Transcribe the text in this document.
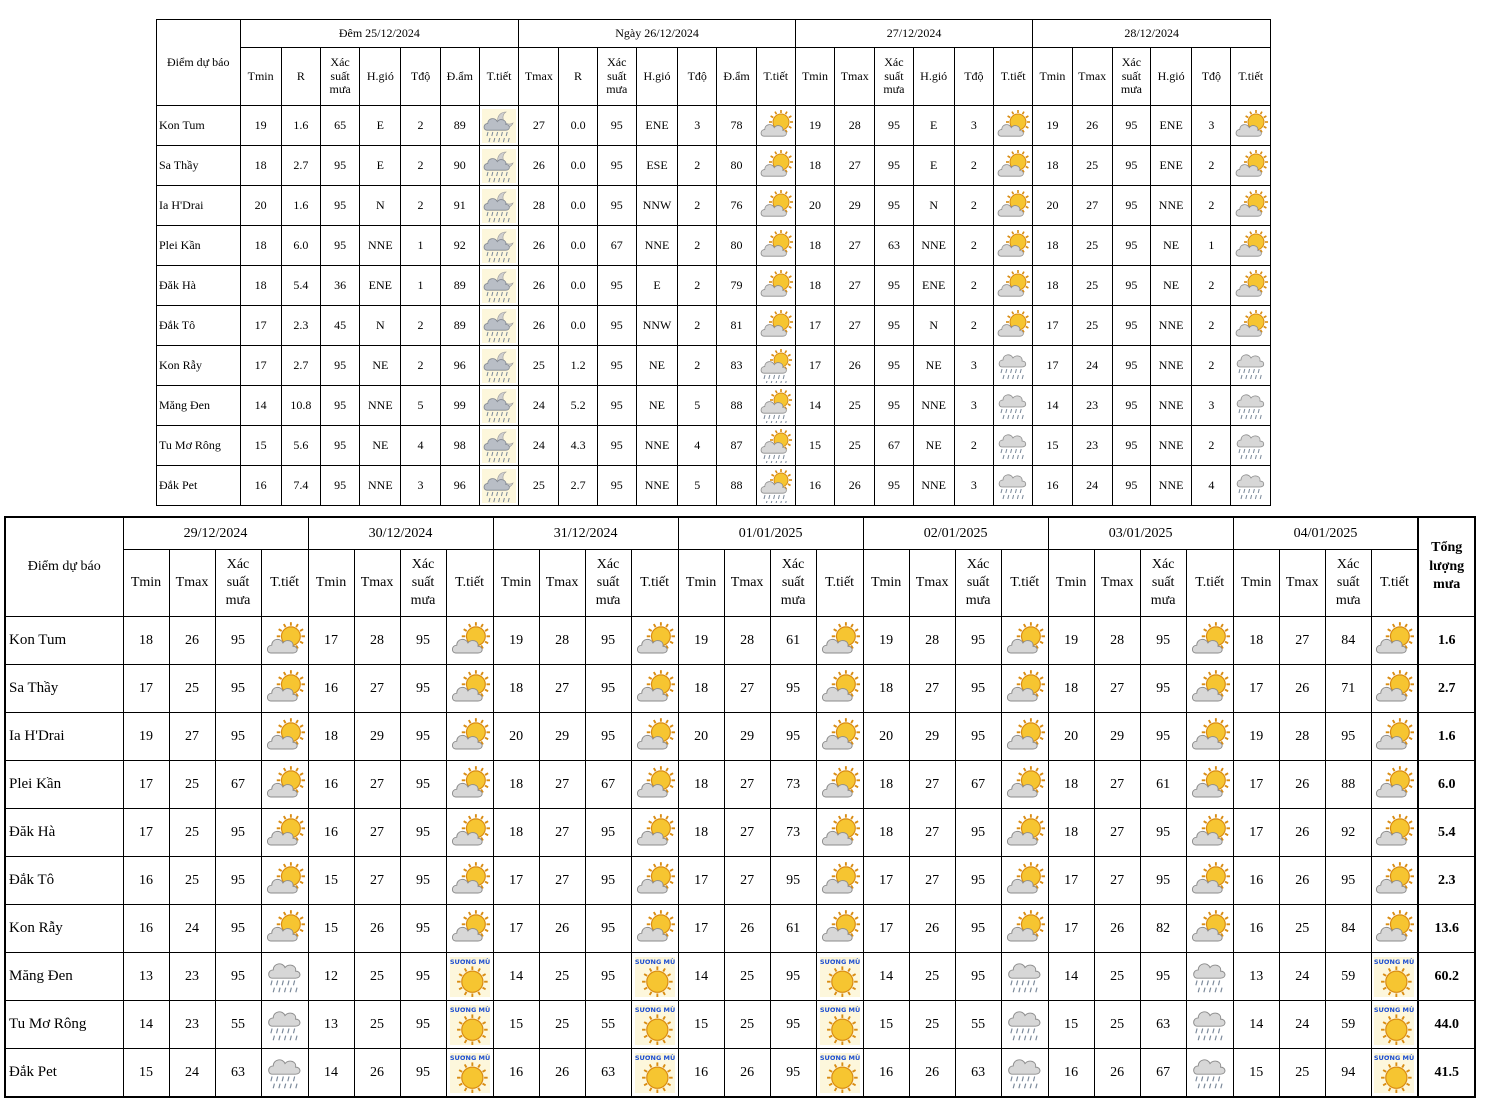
Điểm dự báo	Đêm 25/12/2024							Ngày 26/12/2024							27/12/2024						28/12/2024					
	Tmin	R	Xác suất mưa	H.gió	Tđộ	Đ.ẩm	T.tiết	Tmax	R	Xác suất mưa	H.gió	Tđộ	Đ.ẩm	T.tiết	Tmin	Tmax	Xác suất mưa	H.gió	Tđộ	T.tiết	Tmin	Tmax	Xác suất mưa	H.gió	Tđộ	T.tiết
Kon Tum	19	1.6	65	E	2	89		27	0.0	95	ENE	3	78		19	28	95	E	3		19	26	95	ENE	3	

Sa Thầy	18	2.7	95	E	2	90		26	0.0	95	ESE	2	80		18	27	95	E	2		18	25	95	ENE	2	

Ia H'Drai	20	1.6	95	N	2	91		28	0.0	95	NNW	2	76		20	29	95	N	2		20	27	95	NNE	2	

Plei Kần	18	6.0	95	NNE	1	92		26	0.0	67	NNE	2	80		18	27	63	NNE	2		18	25	95	NE	1	

Đăk Hà	18	5.4	36	ENE	1	89		26	0.0	95	E	2	79		18	27	95	ENE	2		18	25	95	NE	2	

Đắk Tô	17	2.3	45	N	2	89		26	0.0	95	NNW	2	81		17	27	95	N	2		17	25	95	NNE	2	

Kon Rẫy	17	2.7	95	NE	2	96		25	1.2	95	NE	2	83		17	26	95	NE	3		17	24	95	NNE	2	

Măng Đen	14	10.8	95	NNE	5	99		24	5.2	95	NE	5	88		14	25	95	NNE	3		14	23	95	NNE	3	

Tu Mơ Rông	15	5.6	95	NE	4	98		24	4.3	95	NNE	4	87		15	25	67	NE	2		15	23	95	NNE	2	

Đắk Pet	16	7.4	95	NNE	3	96		25	2.7	95	NNE	5	88		16	26	95	NNE	3		16	24	95	NNE	4	
Điểm dự báo	29/12/2024				30/12/2024				31/12/2024				01/01/2025				02/01/2025				03/01/2025				04/01/2025				Tổng lượng mưa
	Tmin	Tmax	Xác suất mưa	T.tiết	Tmin	Tmax	Xác suất mưa	T.tiết	Tmin	Tmax	Xác suất mưa	T.tiết	Tmin	Tmax	Xác suất mưa	T.tiết	Tmin	Tmax	Xác suất mưa	T.tiết	Tmin	Tmax	Xác suất mưa	T.tiết	Tmin	Tmax	Xác suất mưa	T.tiết	
Kon Tum	18	26	95		17	28	95		19	28	95		19	28	61		19	28	95		19	28	95		18	27	84		1.6
Sa Thầy	17	25	95		16	27	95		18	27	95		18	27	95		18	27	95		18	27	95		17	26	71		2.7
Ia H'Drai	19	27	95		18	29	95		20	29	95		20	29	95		20	29	95		20	29	95		19	28	95		1.6
Plei Kần	17	25	67		16	27	95		18	27	67		18	27	73		18	27	67		18	27	61		17	26	88		6.0
Đăk Hà	17	25	95		16	27	95		18	27	95		18	27	73		18	27	95		18	27	95		17	26	92		5.4
Đắk Tô	16	25	95		15	27	95		17	27	95		17	27	95		17	27	95		17	27	95		16	26	95		2.3
Kon Rẫy	16	24	95		15	26	95		17	26	95		17	26	61		17	26	95		17	26	82		16	25	84		13.6
Măng Đen	13	23	95		12	25	95	SƯƠNG MÙ	14	25	95	SƯƠNG MÙ	14	25	95	SƯƠNG MÙ	14	25	95		14	25	95		13	24	59	SƯƠNG MÙ	60.2
Tu Mơ Rông	14	23	55		13	25	95	SƯƠNG MÙ	15	25	55	SƯƠNG MÙ	15	25	95	SƯƠNG MÙ	15	25	55		15	25	63		14	24	59	SƯƠNG MÙ	44.0
Đắk Pet	15	24	63		14	26	95	SƯƠNG MÙ	16	26	63	SƯƠNG MÙ	16	26	95	SƯƠNG MÙ	16	26	63		16	26	67		15	25	94	SƯƠNG MÙ	41.5
